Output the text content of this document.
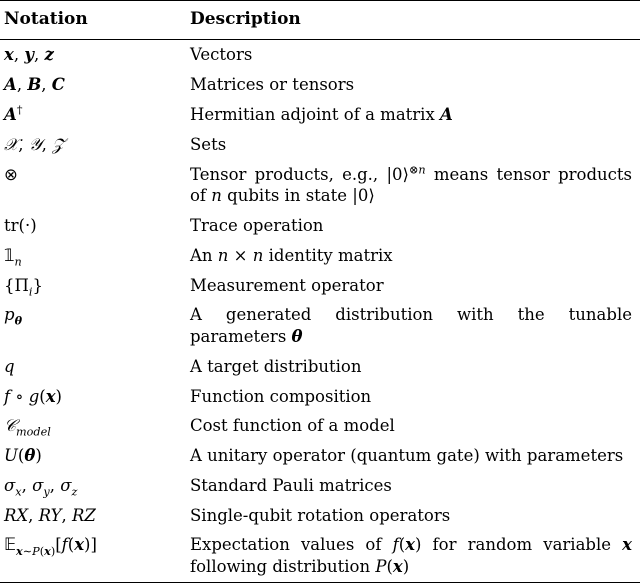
Notation	Description
x, y, z	Vectors
A, B, C	Matrices or tensors
A†	Hermitian adjoint of a matrix A
𝒳, 𝒴, 𝒵	Sets
⊗	Tensor products, e.g., |0⟩$^{\otimes n}$ means tensor products of n qubits in state |0⟩
tr(·)	Trace operation
$𝟙_n$	An n × n identity matrix
$\{\Pi_i\}$	Measurement operator
$p_\theta$	A generated distribution with the tunable parameters θ
q	A target distribution
f ∘ g(x)	Function composition
𝒞$_{model}$	Cost function of a model
U(θ)	A unitary operator (quantum gate) with parameters
$\sigma_x$, $\sigma_y$, $\sigma_z$	Standard Pauli matrices
RX, RY, RZ	Single-qubit rotation operators
𝔼$_{x\sim P(x)}$[f(x)]	Expectation values of f(x) for random variable x following distribution P(x)
